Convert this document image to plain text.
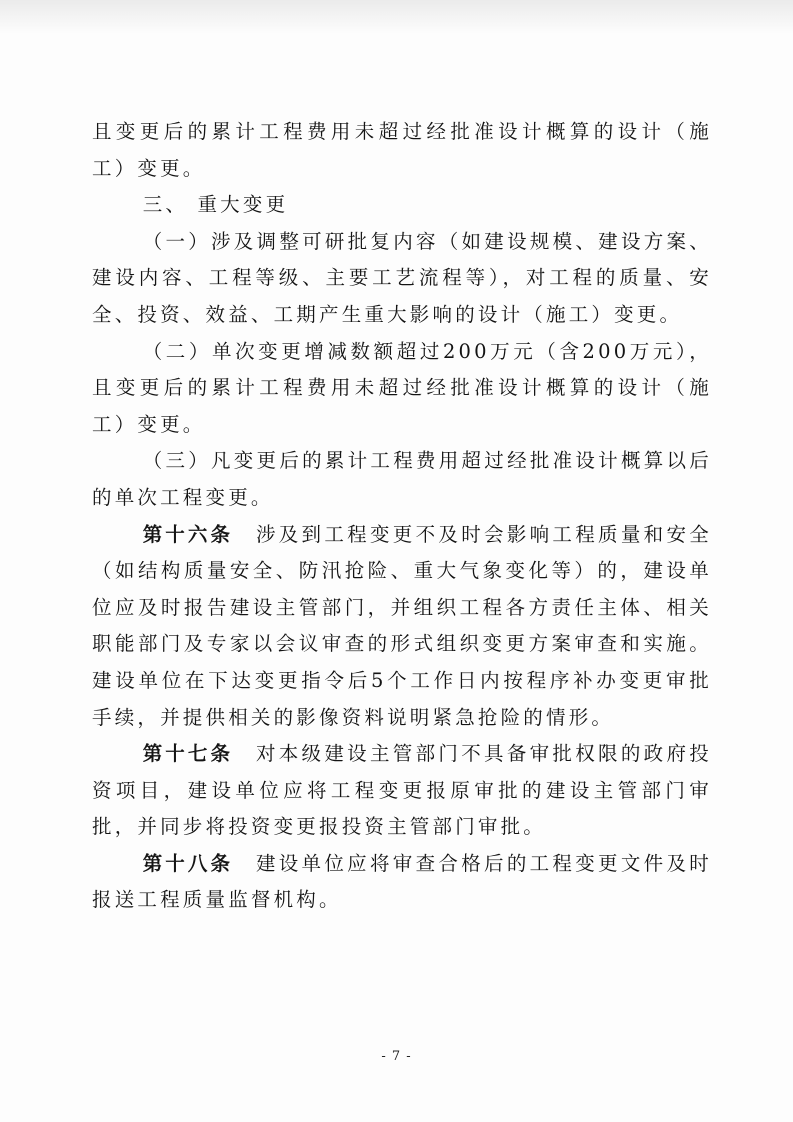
且变更后的累计工程费用未超过经批准设计概算的设计（施工）变更。

三、 重大变更

（一）涉及调整可研批复内容（如建设规模、建设方案、建设内容、工程等级、主要工艺流程等），对工程的质量、安全、投资、效益、工期产生重大影响的设计（施工）变更。

（二）单次变更增减数额超过200万元（含200万元），且变更后的累计工程费用未超过经批准设计概算的设计（施工）变更。

（三）凡变更后的累计工程费用超过经批准设计概算以后的单次工程变更。

第十六条　 涉及到工程变更不及时会影响工程质量和安全（如结构质量安全、防汛抢险、重大气象变化等）的，建设单位应及时报告建设主管部门，并组织工程各方责任主体、相关职能部门及专家以会议审查的形式组织变更方案审查和实施。建设单位在下达变更指令后5个工作日内按程序补办变更审批手续，并提供相关的影像资料说明紧急抢险的情形。

第十七条　 对本级建设主管部门不具备审批权限的政府投资项目，建设单位应将工程变更报原审批的建设主管部门审批，并同步将投资变更报投资主管部门审批。

第十八条　 建设单位应将审查合格后的工程变更文件及时报送工程质量监督机构。

- 7 -
